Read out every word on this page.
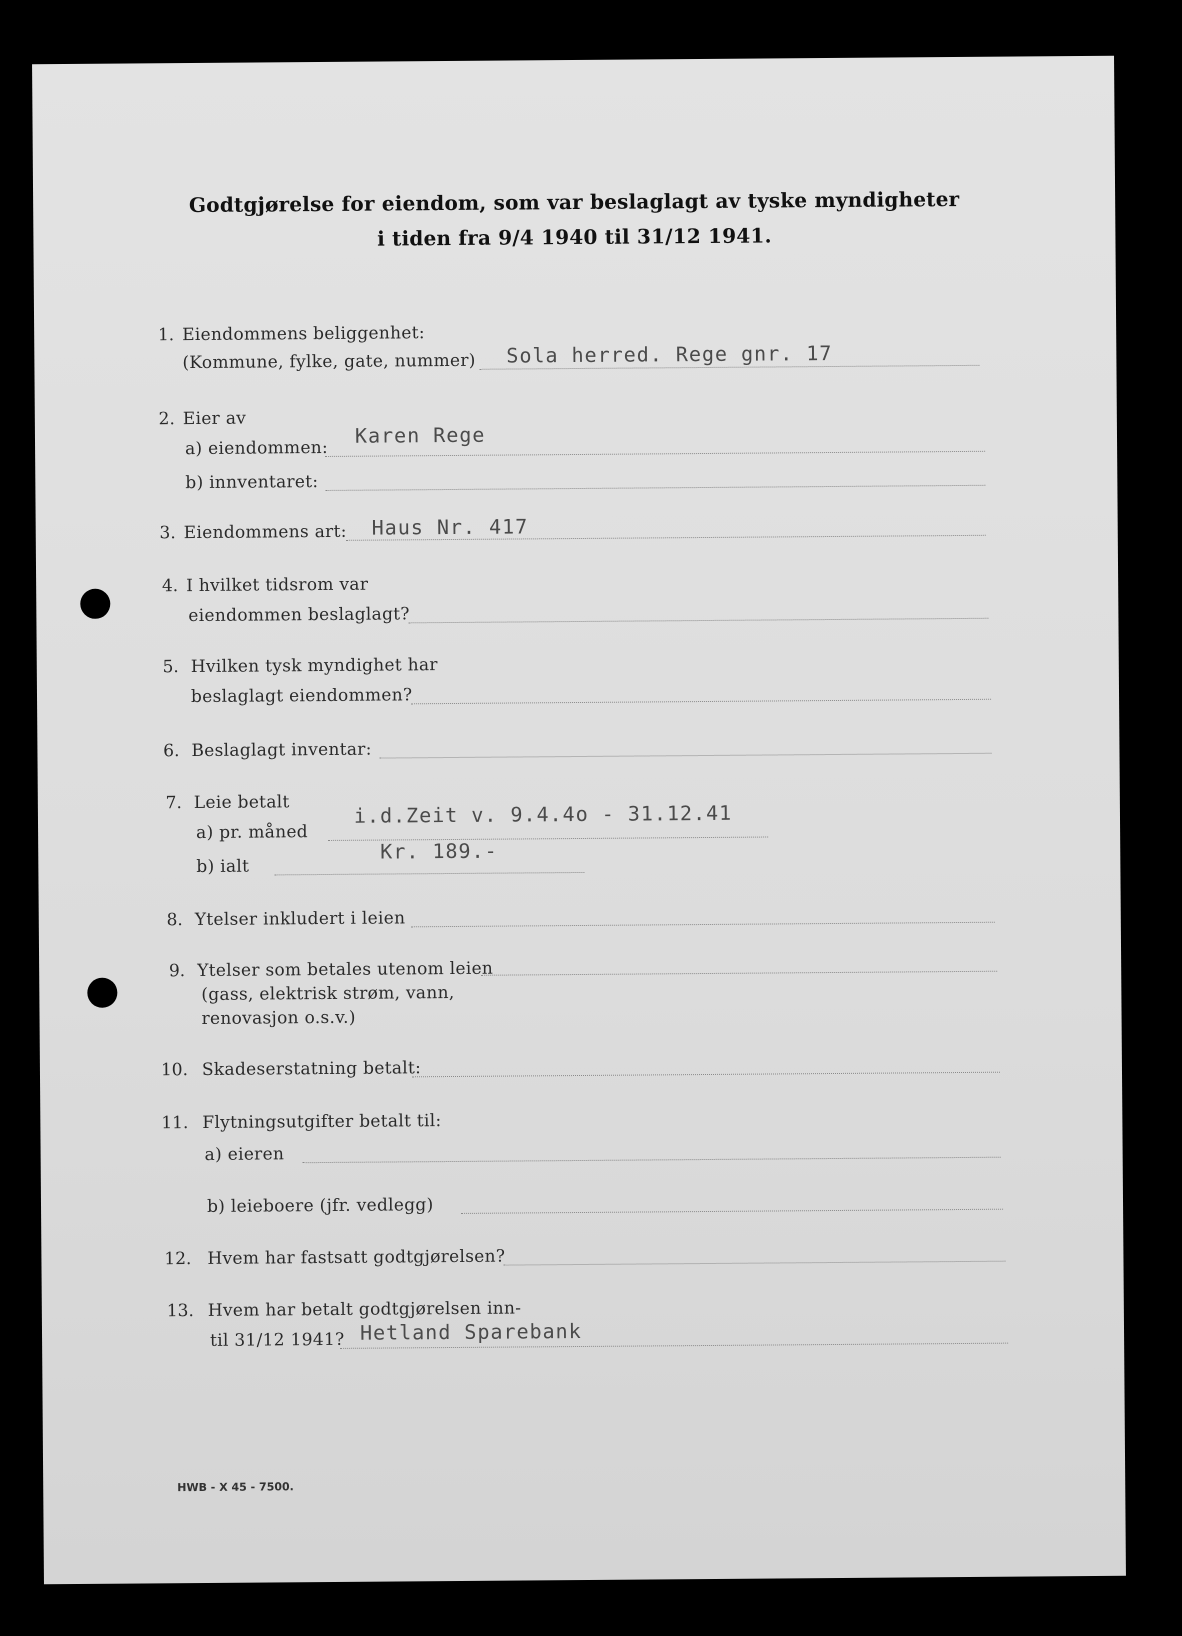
Godtgjørelse for eiendom, som var beslaglagt av tyske myndigheter
i tiden fra 9/4 1940 til 31/12 1941.
1. Eiendommens beliggenhet:
(Kommune, fylke, gate, nummer) Sola herred. Rege gnr. 17
2. Eier av
a) eiendommen:
Karen Rege
b) innventaret:
3. Eiendommens art: Haus Nr. 417
4. I hvilket tidsrom var
eiendommen beslaglagt?
5. Hvilken tysk myndighet har
beslaglagt eiendommen?
6. Beslaglagt inventar:
7. Leie betalt
a) pr. måned
i.d.Zeit v. 9.4.4o - 31.12.41
b) ialt
Kr. 189.-
8. Ytelser inkludert i leien
9. Ytelser som betales utenom leien
(gass, elektrisk strøm, vann,
renovasjon o.s.v.)
10. Skadeserstatning betalt:
11. Flytningsutgifter betalt til:
a) eieren
b) leieboere (jfr. vedlegg)
12. Hvem har fastsatt godtgjørelsen?
13. Hvem har betalt godtgjørelsen inn-
til 31/12 1941? Hetland Sparebank
HWB - X 45 - 7500.
